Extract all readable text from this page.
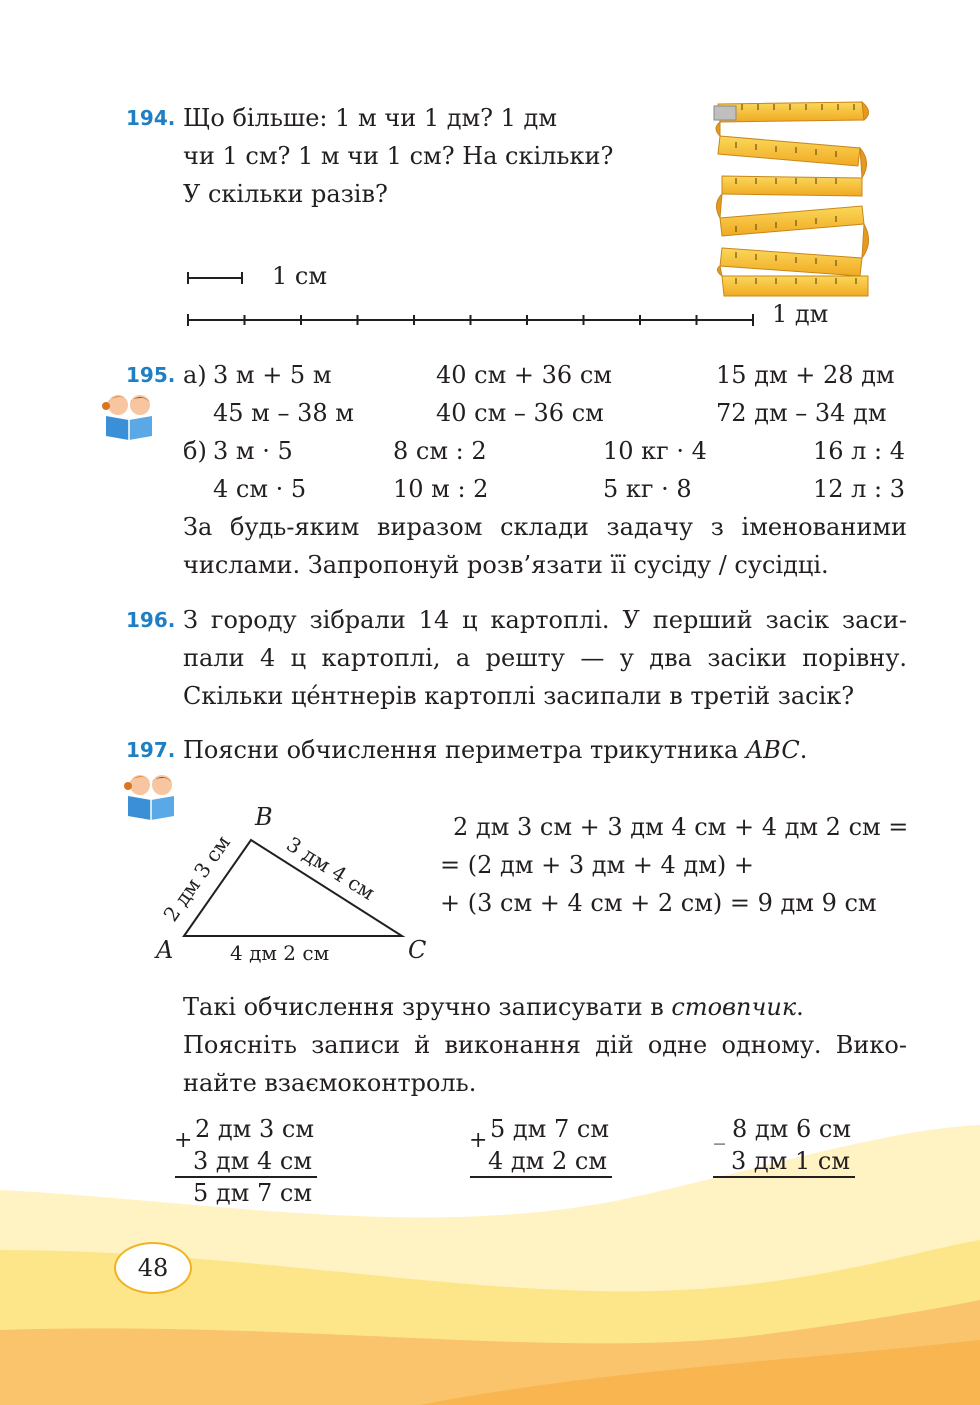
194. Що більше: 1 м чи 1 дм? 1 дм
чи 1 см? 1 м чи 1 см? На скільки?
У скільки разів?
1 см
1 дм
195. а) 3 м + 5 м	40 см + 36 см	15 дм + 28 дм
45 м – 38 м	40 см – 36 см	72 дм – 34 дм
б) 3 м · 5	8 см : 2	10 кг · 4	16 л : 4
4 см · 5	10 м : 2	5 кг · 8	12 л : 3
За будь-яким виразом склади задачу з іменованими
числами. Запропонуй розв’язати її сусіду / сусідці.
196. З городу зібрали 14 ц картоплі. У перший засік заси-
пали 4 ц картоплі, а решту — у два засіки порівну.
Скільки це́нтнерів картоплі засипали в третій засік?
197. Поясни обчислення периметра трикутника ABC.
A
B
C
2 дм 3 см 3 дм 4 см
4 дм 2 см
2 дм 3 см + 3 дм 4 см + 4 дм 2 см =
= (2 дм + 3 дм + 4 дм) +
+ (3 см + 4 см + 2 см) = 9 дм 9 см
Такі обчислення зручно записувати в стовпчик.
Поясніть записи й виконання дій одне одному. Вико-
найте взаємоконтроль.
+ 2 дм 3 см
3 дм 4 см
5 дм 7 см
+ 5 дм 7 см
4 дм 2 см
_ 8 дм 6 см
3 дм 1 см
48
